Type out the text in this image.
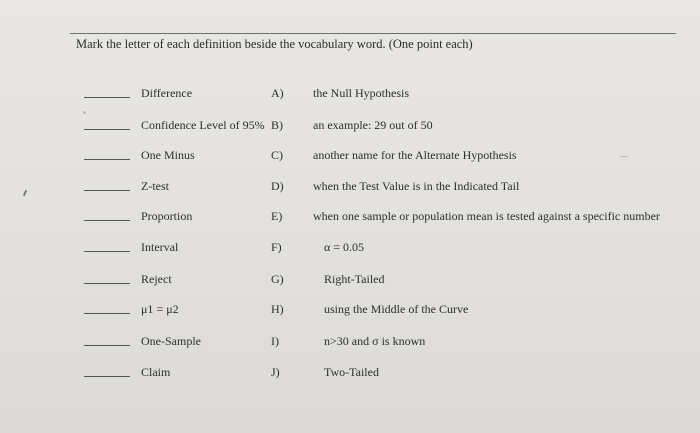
Mark the letter of each definition beside the vocabulary word. (One point each)
Difference	A) the Null Hypothesis
Confidence Level of 95% B)	an example: 29 out of 50
One Minus	C)	another name for the Alternate Hypothesis
Z-test	D) when the Test Value is in the Indicated Tail
Proportion	E)	when one sample or population mean is tested against a specific number
Interval	F)	α = 0.05
Reject	G)	Right-Tailed
μ1 = μ2	H)	using the Middle of the Curve
One-Sample	I)	n>30 and σ is known
Claim	J)	Two-Tailed
